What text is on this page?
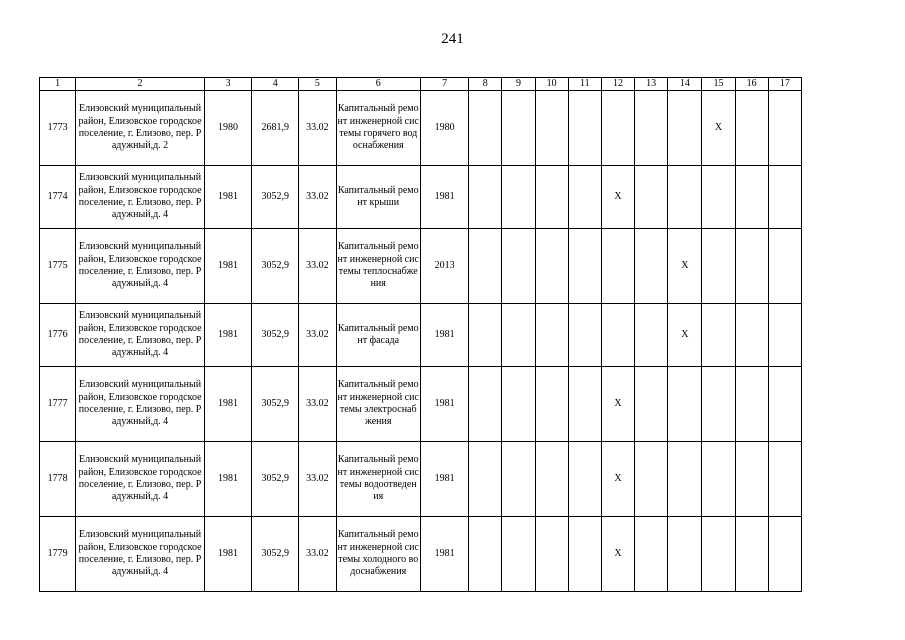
241
1	2	3	4	5	6	7	8	9	10	11	12	13	14	15	16	17
1773	Елизовский муниципальный район, Елизовское городское поселение, г. Елизово, пер. Радужный,д. 2	1980	2681,9	33.02	Капитальный ремонт инженерной системы горячего водоснабжения	1980								X		
1774	Елизовский муниципальный район, Елизовское городское поселение, г. Елизово, пер. Радужный,д. 4	1981	3052,9	33.02	Капитальный ремонт крыши	1981					X					
1775	Елизовский муниципальный район, Елизовское городское поселение, г. Елизово, пер. Радужный,д. 4	1981	3052,9	33.02	Капитальный ремонт инженерной системы теплоснабжения	2013							X			
1776	Елизовский муниципальный район, Елизовское городское поселение, г. Елизово, пер. Радужный,д. 4	1981	3052,9	33.02	Капитальный ремонт фасада	1981							X			
1777	Елизовский муниципальный район, Елизовское городское поселение, г. Елизово, пер. Радужный,д. 4	1981	3052,9	33.02	Капитальный ремонт инженерной системы электроснабжения	1981					X					
1778	Елизовский муниципальный район, Елизовское городское поселение, г. Елизово, пер. Радужный,д. 4	1981	3052,9	33.02	Капитальный ремонт инженерной системы водоотведения	1981					X					
1779	Елизовский муниципальный район, Елизовское городское поселение, г. Елизово, пер. Радужный,д. 4	1981	3052,9	33.02	Капитальный ремонт инженерной системы холодного водоснабжения	1981					X					
